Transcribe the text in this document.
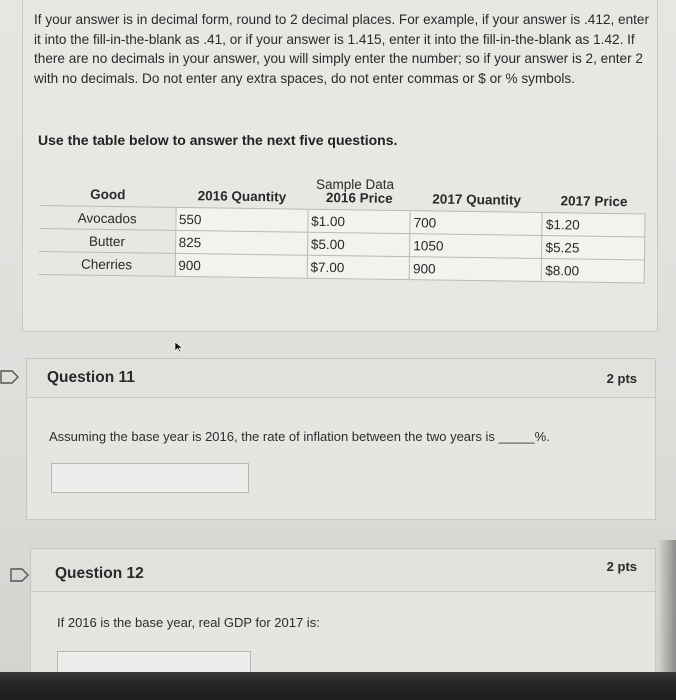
If your answer is in decimal form, round to 2 decimal places. For example, if your answer is .412, enter it into the fill-in-the-blank as .41, or if your answer is 1.415, enter it into the fill-in-the-blank as 1.42. If there are no decimals in your answer, you will simply enter the number; so if your answer is 2, enter 2 with no decimals. Do not enter any extra spaces, do not enter commas or $ or % symbols.
Use the table below to answer the next five questions.
Sample Data
Good	2016 Quantity	2016 Price	2017 Quantity	2017 Price
Avocados	550	$1.00	700	$1.20
Butter	825	$5.00	1050	$5.25
Cherries	900	$7.00	900	$8.00
Question 11	2 pts
Assuming the base year is 2016, the rate of inflation between the two years is _____%.
Question 12	2 pts
If 2016 is the base year, real GDP for 2017 is:
